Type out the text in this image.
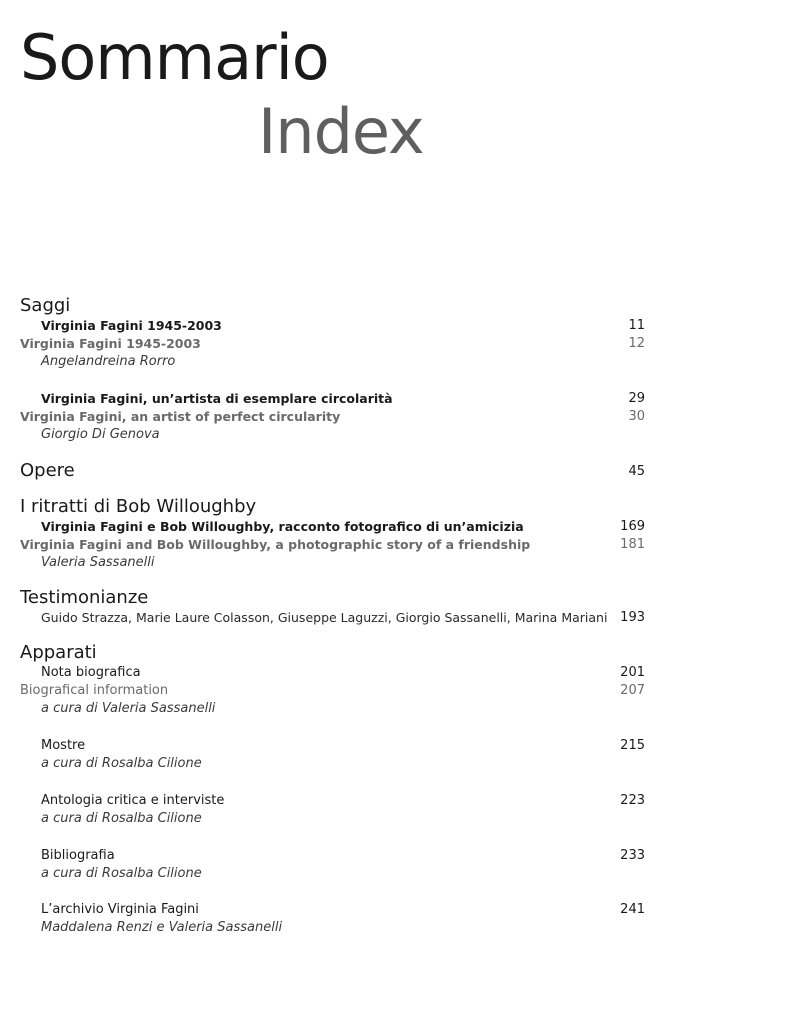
Sommario
Index
Saggi
Virginia Fagini 1945-2003	11
Virginia Fagini 1945-2003	12
Angelandreina Rorro
Virginia Fagini, un’artista di esemplare circolarità	29
Virginia Fagini, an artist of perfect circularity	30
Giorgio Di Genova
Opere	45
I ritratti di Bob Willoughby
Virginia Fagini e Bob Willoughby, racconto fotografico di un’amicizia	169
Virginia Fagini and Bob Willoughby, a photographic story of a friendship	181
Valeria Sassanelli
Testimonianze
Guido Strazza, Marie Laure Colasson, Giuseppe Laguzzi, Giorgio Sassanelli, Marina Mariani 193
Apparati
Nota biografica	201
Biografical information	207
a cura di Valeria Sassanelli
Mostre	215
a cura di Rosalba Cilione
Antologia critica e interviste	223
a cura di Rosalba Cilione
Bibliografia	233
a cura di Rosalba Cilione
L’archivio Virginia Fagini	241
Maddalena Renzi e Valeria Sassanelli
